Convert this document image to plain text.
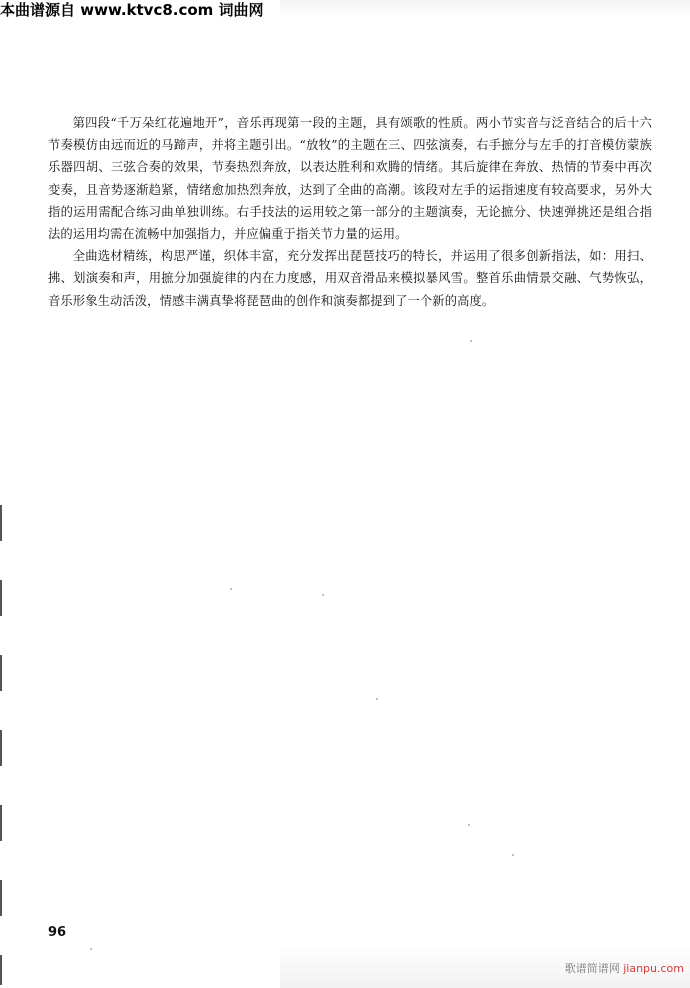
本曲谱源自 www.ktvc8.com 词曲网

第四段“千万朵红花遍地开”，音乐再现第一段的主题，具有颂歌的性质。两小节实音与泛音结合的后十六节奏模仿由远而近的马蹄声，并将主题引出。“放牧”的主题在三、四弦演奏，右手摭分与左手的打音模仿蒙族乐器四胡、三弦合奏的效果，节奏热烈奔放，以表达胜利和欢腾的情绪。其后旋律在奔放、热情的节奏中再次变奏，且音势逐渐趋紧，情绪愈加热烈奔放，达到了全曲的高潮。该段对左手的运指速度有较高要求，另外大指的运用需配合练习曲单独训练。右手技法的运用较之第一部分的主题演奏，无论摭分、快速弹挑还是组合指法的运用均需在流畅中加强指力，并应偏重于指关节力量的运用。

全曲选材精练，构思严谨，织体丰富，充分发挥出琵琶技巧的特长，并运用了很多创新指法，如：用扫、拂、划演奏和声，用摭分加强旋律的内在力度感，用双音滑品来模拟暴风雪。整首乐曲情景交融、气势恢弘，音乐形象生动活泼，情感丰满真挚将琵琶曲的创作和演奏都提到了一个新的高度。

96
歌谱简谱网 jianpu.com
